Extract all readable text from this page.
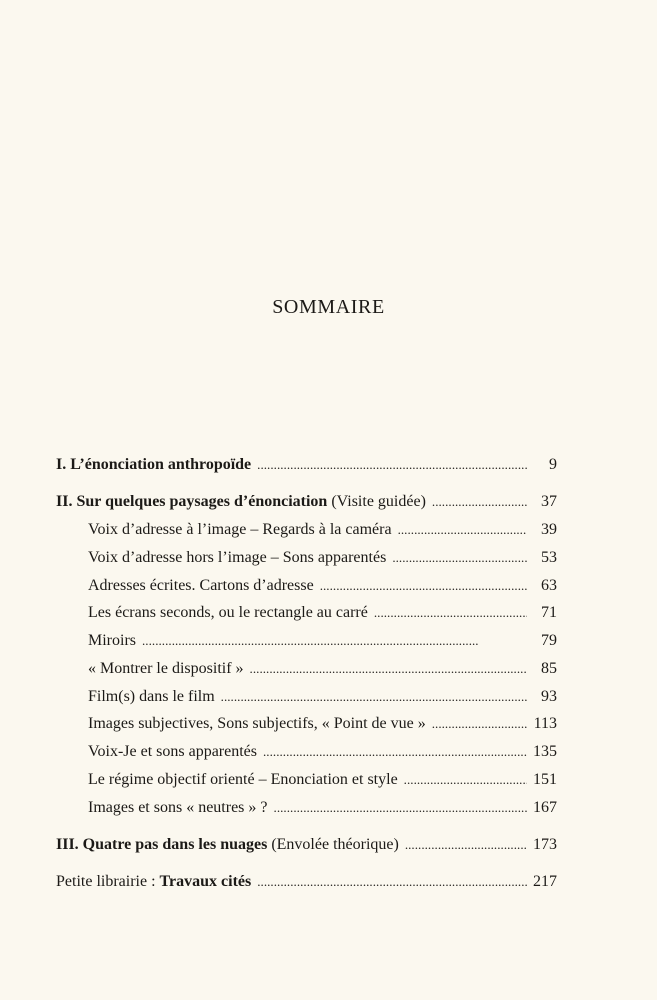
SOMMAIRE
I. L’énonciation anthropoïde . . .	9
II. Sur quelques paysages d’énonciation (Visite guidée) . . .	37
Voix d’adresse à l’image – Regards à la caméra . . .	39
Voix d’adresse hors l’image – Sons apparentés . . .	53
Adresses écrites. Cartons d’adresse . . .	63
Les écrans seconds, ou le rectangle au carré . . .	71
Miroirs . . .	79
« Montrer le dispositif » . . .	85
Film(s) dans le film . . .	93
Images subjectives, Sons subjectifs, « Point de vue » . . .	113
Voix-Je et sons apparentés . . .	135
Le régime objectif orienté – Enonciation et style . . .	151
Images et sons « neutres » ? . . .	167
III. Quatre pas dans les nuages (Envolée théorique) . . .	173
Petite librairie : Travaux cités . . .	217
